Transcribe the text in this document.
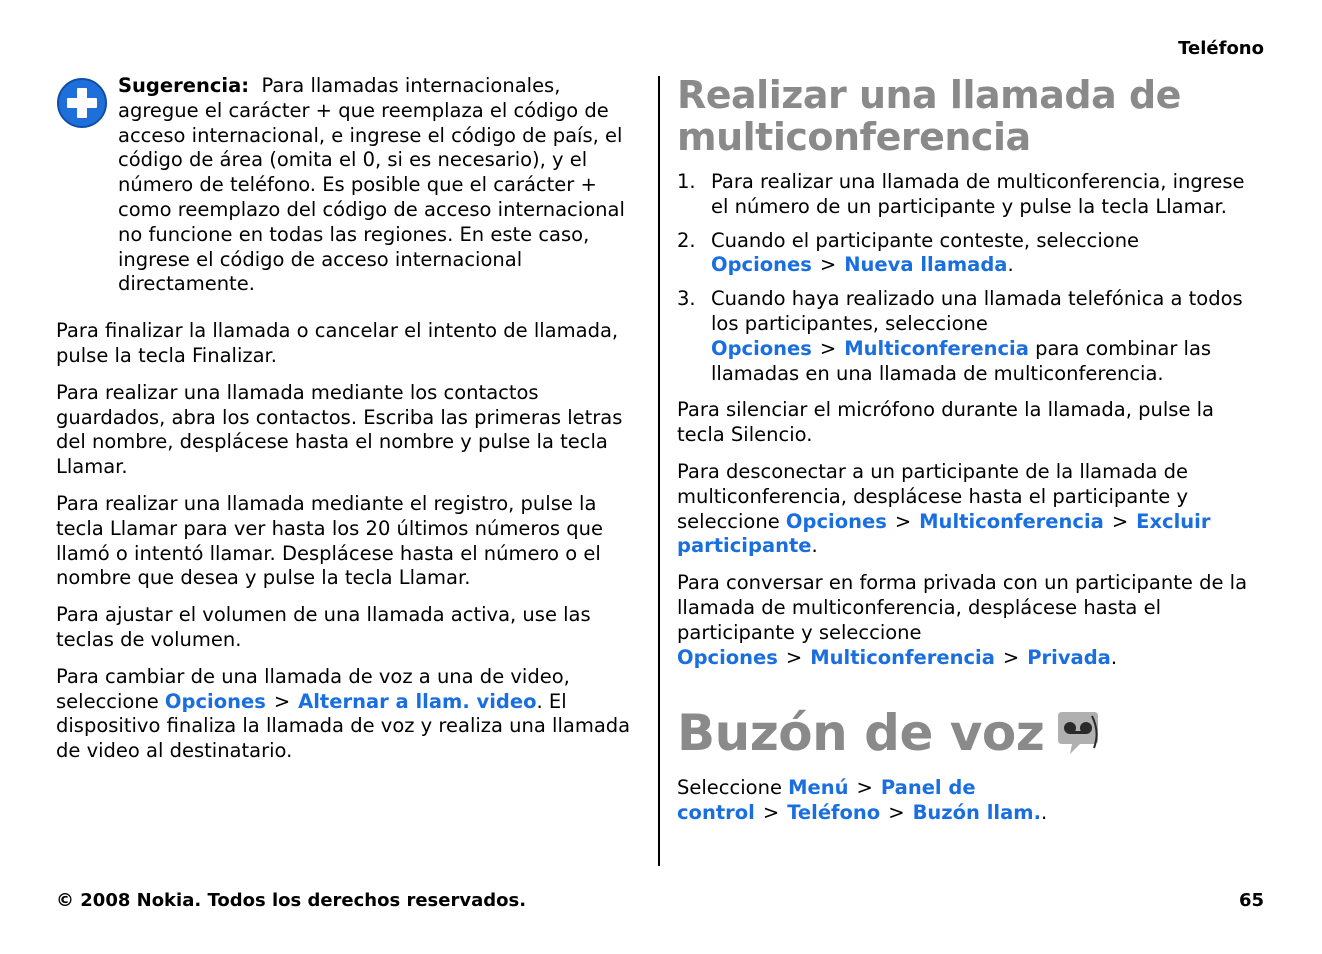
Teléfono

Sugerencia: Para llamadas internacionales, agregue el carácter + que reemplaza el código de acceso internacional, e ingrese el código de país, el código de área (omita el 0, si es necesario), y el número de teléfono. Es posible que el carácter + como reemplazo del código de acceso internacional no funcione en todas las regiones. En este caso, ingrese el código de acceso internacional directamente.

Para finalizar la llamada o cancelar el intento de llamada, pulse la tecla Finalizar.

Para realizar una llamada mediante los contactos guardados, abra los contactos. Escriba las primeras letras del nombre, desplácese hasta el nombre y pulse la tecla Llamar.

Para realizar una llamada mediante el registro, pulse la tecla Llamar para ver hasta los 20 últimos números que llamó o intentó llamar. Desplácese hasta el número o el nombre que desea y pulse la tecla Llamar.

Para ajustar el volumen de una llamada activa, use las teclas de volumen.

Para cambiar de una llamada de voz a una de video, seleccione Opciones > Alternar a llam. video. El dispositivo finaliza la llamada de voz y realiza una llamada de video al destinatario.

Realizar una llamada de multiconferencia
1. Para realizar una llamada de multiconferencia, ingrese el número de un participante y pulse la tecla Llamar.
2. Cuando el participante conteste, seleccione Opciones > Nueva llamada.
3. Cuando haya realizado una llamada telefónica a todos los participantes, seleccione Opciones > Multiconferencia para combinar las llamadas en una llamada de multiconferencia.

Para silenciar el micrófono durante la llamada, pulse la tecla Silencio.

Para desconectar a un participante de la llamada de multiconferencia, desplácese hasta el participante y seleccione Opciones > Multiconferencia > Excluir participante.

Para conversar en forma privada con un participante de la llamada de multiconferencia, desplácese hasta el participante y seleccione Opciones > Multiconferencia > Privada.

Buzón de voz

Seleccione Menú > Panel de control > Teléfono > Buzón llam..

© 2008 Nokia. Todos los derechos reservados.	65
